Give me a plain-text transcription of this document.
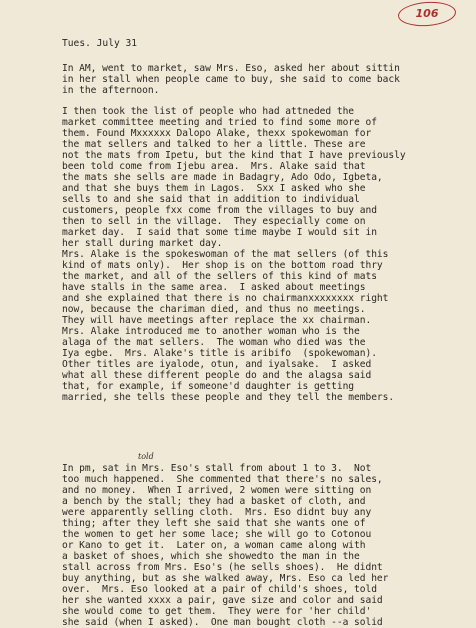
106
Tues. July 31
In AM, went to market, saw Mrs. Eso, asked her about sittin
in her stall when people came to buy, she said to come back
in the afternoon.
I then took the list of people who had attneded the
market committee meeting and tried to find some more of
them. Found Mxxxxxx Dalopo Alake, thexx spokewoman for
the mat sellers and talked to her a little. These are
not the mats from Ipetu, but the kind that I have previously
been told come from Ijebu area.  Mrs. Alake said that
the mats she sells are made in Badagry, Ado Odo, Igbeta,
and that she buys them in Lagos.  Sxx I asked who she
sells to and she said that in addition to individual
customers, people fxx come from the villages to buy and
then to sell in the village.  They especially come on
market day.  I said that some time maybe I would sit in
her stall during market day.
Mrs. Alake is the spokeswoman of the mat sellers (of this
kind of mats only).  Her shop is on the bottom road thry
the market, and all of the sellers of this kind of mats
have stalls in the same area.  I asked about meetings
and she explained that there is no chairmanxxxxxxxx right
now, because the chariman died, and thus no meetings.
They will have meetings after replace the xx chairman.
Mrs. Alake introduced me to another woman who is the
alaga of the mat sellers.  The woman who died was the
Iya egbe.  Mrs. Alake's title is aribifo  (spokewoman).
Other titles are iyalode, otun, and iyalsake.  I asked
what all these different people do and the alagsa said
that, for example, if someone'd daughter is getting
married, she tells these people and they tell the members.
told
In pm, sat in Mrs. Eso's stall from about 1 to 3.  Not
too much happened.  She commented that there's no sales,
and no money.  When I arrived, 2 women were sitting on
a bench by the stall; they had a basket of cloth, and
were apparently selling cloth.  Mrs. Eso didnt buy any
thing; after they left she said that she wants one of
the women to get her some lace; she will go to Cotonou
or Kano to get it.  Later on, a woman came along with
a basket of shoes, which she showedto the man in the
stall across from Mrs. Eso's (he sells shoes).  He didnt
buy anything, but as she walked away, Mrs. Eso ca led her
over.  Mrs. Eso looked at a pair of child's shoes, told
her she wanted xxxx a pair, gave size and color and said
she would come to get them.  They were for 'her child'
she said (when I asked).  One man bought cloth --a solid
